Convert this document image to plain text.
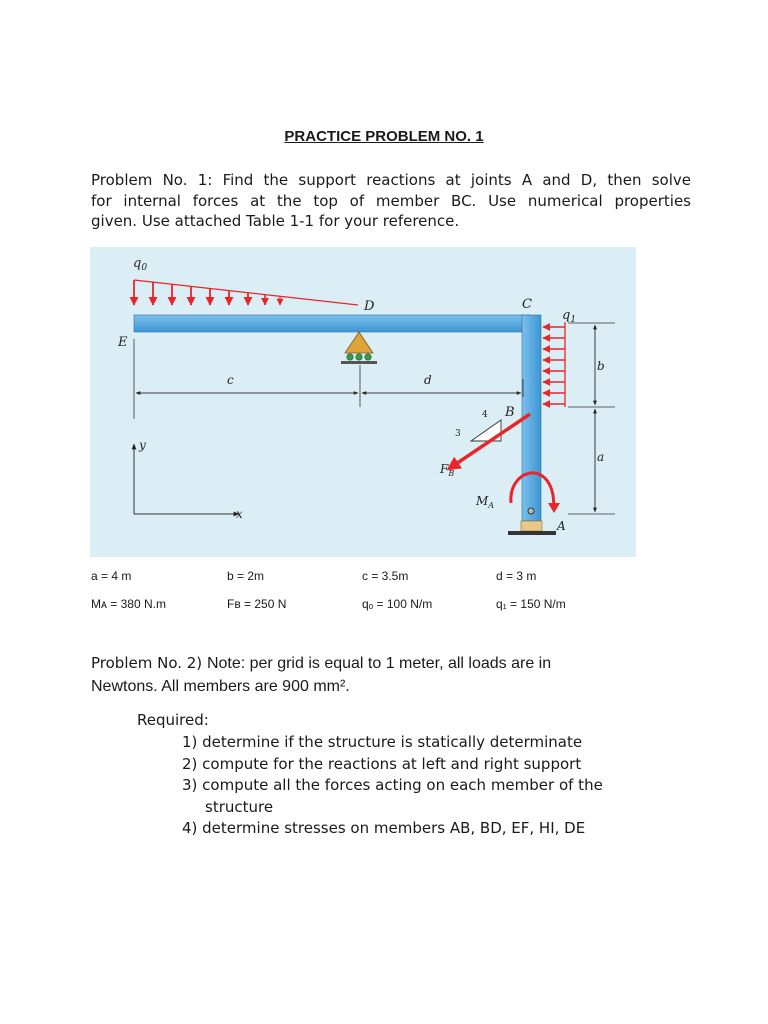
PRACTICE PROBLEM NO. 1
Problem No. 1: Find the support reactions at joints A and D, then solve
for internal forces at the top of member BC. Use numerical properties
given. Use attached Table 1-1 for your reference.
$q_0$
D	C
$q_1$
E
c	d
b
B
4
3
a
y
$F_B$
$M_A$
A
x
a = 4 m	b = 2m	c = 3.5m	d = 3 m
Mᴀ = 380 N.m	Fʙ = 250 N	qₒ = 100 N/m	q₁ = 150 N/m
Problem No. 2) Note: per grid is equal to 1 meter, all loads are in
Newtons. All members are 900 mm².
Required:
1) determine if the structure is statically determinate
2) compute for the reactions at left and right support
3) compute all the forces acting on each member of the
structure
4) determine stresses on members AB, BD, EF, HI, DE
